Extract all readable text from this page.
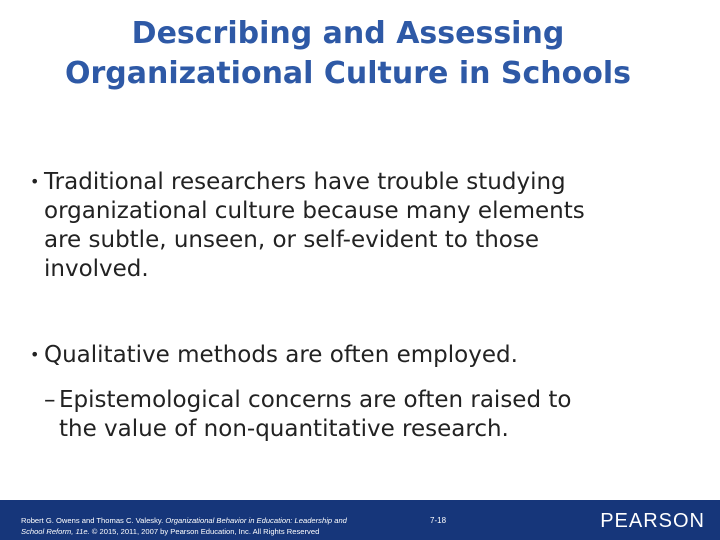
Describing and Assessing
Organizational Culture in Schools
• Traditional researchers have trouble studying
organizational culture because many elements
are subtle, unseen, or self-evident to those
involved.
• Qualitative methods are often employed.
– Epistemological concerns are often raised to
the value of non-quantitative research.
Robert G. Owens and Thomas C. Valesky. Organizational Behavior in Education: Leadership and
School Reform, 11e. © 2015, 2011, 2007 by Pearson Education, Inc. All Rights Reserved
7-18	PEARSON
